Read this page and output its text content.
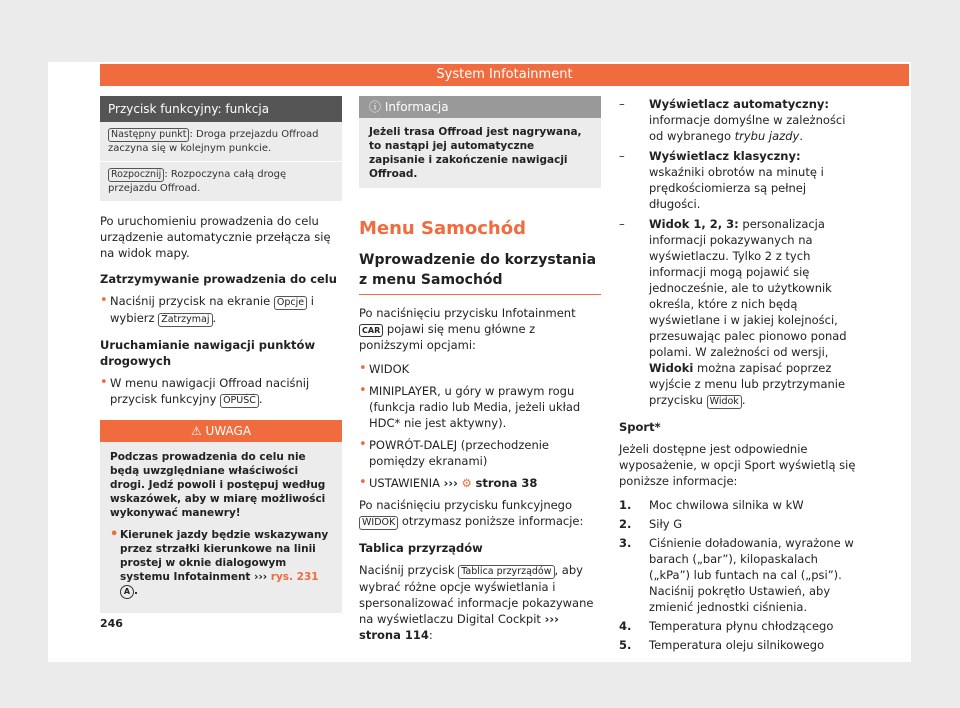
System Infotainment
Przycisk funkcyjny: funkcja
Następny punkt : Droga przejazdu Offroad zaczyna się w kolejnym punkcie.
Rozpocznij : Rozpoczyna całą drogę przejazdu Offroad.

Po uruchomieniu prowadzenia do celu urządzenie automatycznie przełącza się na widok mapy.

Zatrzymywanie prowadzenia do celu
• Naciśnij przycisk na ekranie Opcje i wybierz Zatrzymaj .
Uruchamianie nawigacji punktów drogowych
• W menu nawigacji Offroad naciśnij przycisk funkcyjny OPUŚĆ .
⚠ UWAGA

Podczas prowadzenia do celu nie będą uwzględniane właściwości drogi. Jedź powoli i postępuj według wskazówek, aby w miarę możliwości wykonywać manewry!

• Kierunek jazdy będzie wskazywany przez strzałki kierunkowe na linii prostej w oknie dialogowym systemu Infotainment ››› rys. 231 A .
ⓘ Informacja
Jeżeli trasa Offroad jest nagrywana, to nastąpi jej automatyczne zapisanie i zakończenie nawigacji Offroad.
Menu Samochód
Wprowadzenie do korzystania z menu Samochód

Po naciśnięciu przycisku Infotainment CAR pojawi się menu główne z poniższymi opcjami:

• WIDOK
• MINIPLAYER, u góry w prawym rogu (funkcja radio lub Media, jeżeli układ HDC* nie jest aktywny).
• POWRÓT-DALEJ (przechodzenie pomiędzy ekranami)
• USTAWIENIA ››› ⚙ strona 38

Po naciśnięciu przycisku funkcyjnego WIDOK otrzymasz poniższe informacje:

Tablica przyrządów

Naciśnij przycisk Tablica przyrządów , aby wybrać różne opcje wyświetlania i spersonalizować informacje pokazywane na wyświetlaczu Digital Cockpit ››› strona 114:

– Wyświetlacz automatyczny: informacje domyślne w zależności od wybranego trybu jazdy.
– Wyświetlacz klasyczny: wskaźniki obrotów na minutę i prędkościomierza są pełnej długości.
– Widok 1, 2, 3: personalizacja informacji pokazywanych na wyświetlaczu. Tylko 2 z tych informacji mogą pojawić się jednocześnie, ale to użytkownik określa, które z nich będą wyświetlane i w jakiej kolejności, przesuwając palec pionowo ponad polami. W zależności od wersji, Widoki można zapisać poprzez wyjście z menu lub przytrzymanie przycisku Widok .
Sport*

Jeżeli dostępne jest odpowiednie wyposażenie, w opcji Sport wyświetlą się poniższe informacje:

1. Moc chwilowa silnika w kW
2. Siły G
3. Ciśnienie doładowania, wyrażone w barach („bar”), kilopaskalach („kPa”) lub funtach na cal („psi”). Naciśnij pokrętło Ustawień, aby zmienić jednostki ciśnienia.
4. Temperatura płynu chłodzącego
5. Temperatura oleju silnikowego
246
